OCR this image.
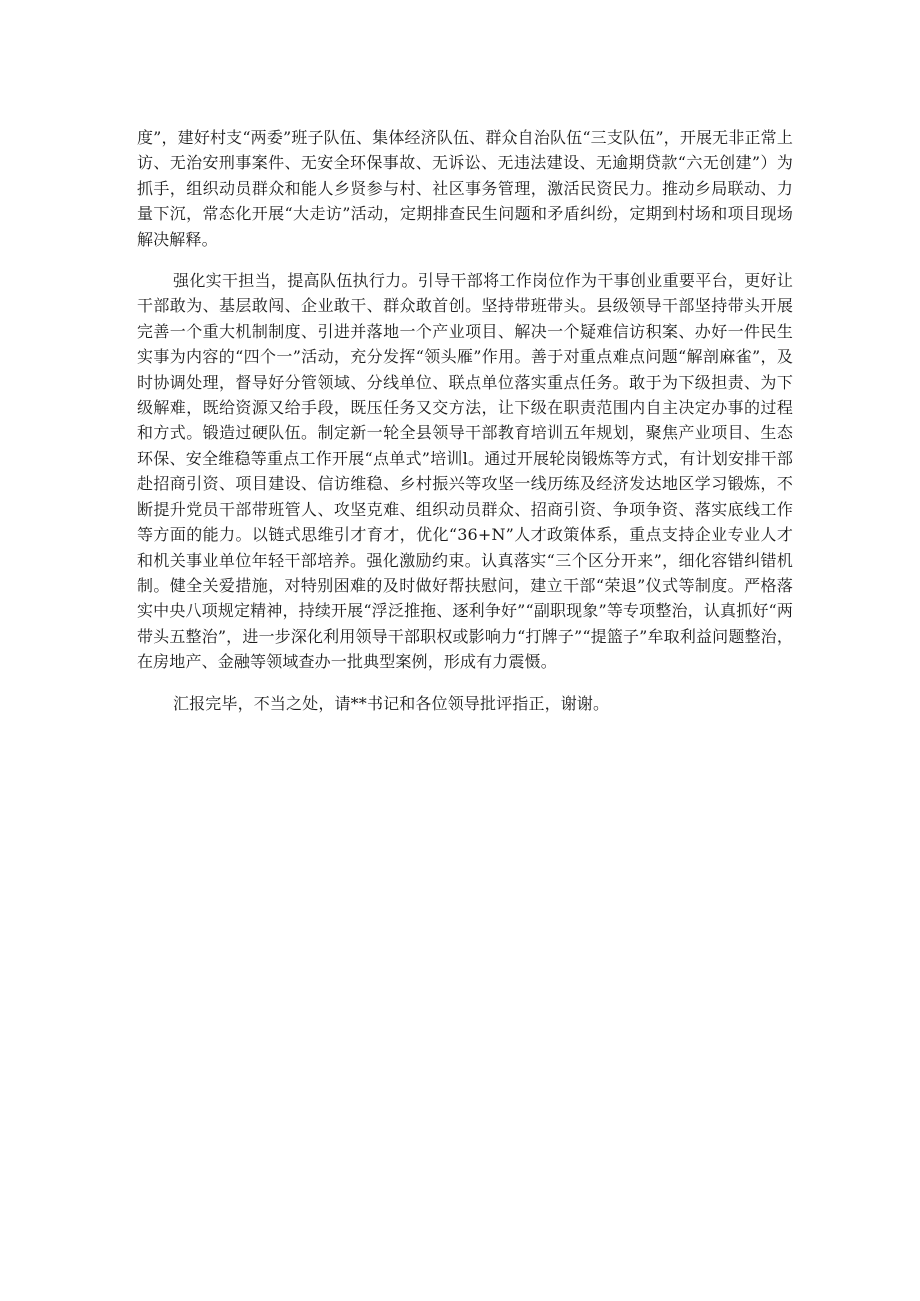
度”，建好村支“两委”班子队伍、集体经济队伍、群众自治队伍“三支队伍”，开展无非正常上访、无治安刑事案件、无安全环保事故、无诉讼、无违法建设、无逾期贷款“六无创建”）为抓手，组织动员群众和能人乡贤参与村、社区事务管理，激活民资民力。推动乡局联动、力量下沉，常态化开展“大走访”活动，定期排查民生问题和矛盾纠纷，定期到村场和项目现场解决解释。

强化实干担当，提高队伍执行力。引导干部将工作岗位作为干事创业重要平台，更好让干部敢为、基层敢闯、企业敢干、群众敢首创。坚持带班带头。县级领导干部坚持带头开展完善一个重大机制制度、引进并落地一个产业项目、解决一个疑难信访积案、办好一件民生实事为内容的“四个一”活动，充分发挥“领头雁”作用。善于对重点难点问题“解剖麻雀”，及时协调处理，督导好分管领域、分线单位、联点单位落实重点任务。敢于为下级担责、为下级解难，既给资源又给手段，既压任务又交方法，让下级在职责范围内自主决定办事的过程和方式。锻造过硬队伍。制定新一轮全县领导干部教育培训五年规划，聚焦产业项目、生态环保、安全维稳等重点工作开展“点单式”培训l。通过开展轮岗锻炼等方式，有计划安排干部赴招商引资、项目建设、信访维稳、乡村振兴等攻坚一线历练及经济发达地区学习锻炼，不断提升党员干部带班管人、攻坚克难、组织动员群众、招商引资、争项争资、落实底线工作等方面的能力。以链式思维引才育才，优化“36+N”人才政策体系，重点支持企业专业人才和机关事业单位年轻干部培养。强化激励约束。认真落实“三个区分开来”，细化容错纠错机制。健全关爱措施，对特别困难的及时做好帮扶慰问，建立干部“荣退”仪式等制度。严格落实中央八项规定精神，持续开展“浮泛推拖、逐利争好”“副职现象”等专项整治，认真抓好“两带头五整治”，进一步深化利用领导干部职权或影响力“打牌子”“提篮子”牟取利益问题整治，在房地产、金融等领域查办一批典型案例，形成有力震慑。

汇报完毕，不当之处，请**书记和各位领导批评指正，谢谢。
